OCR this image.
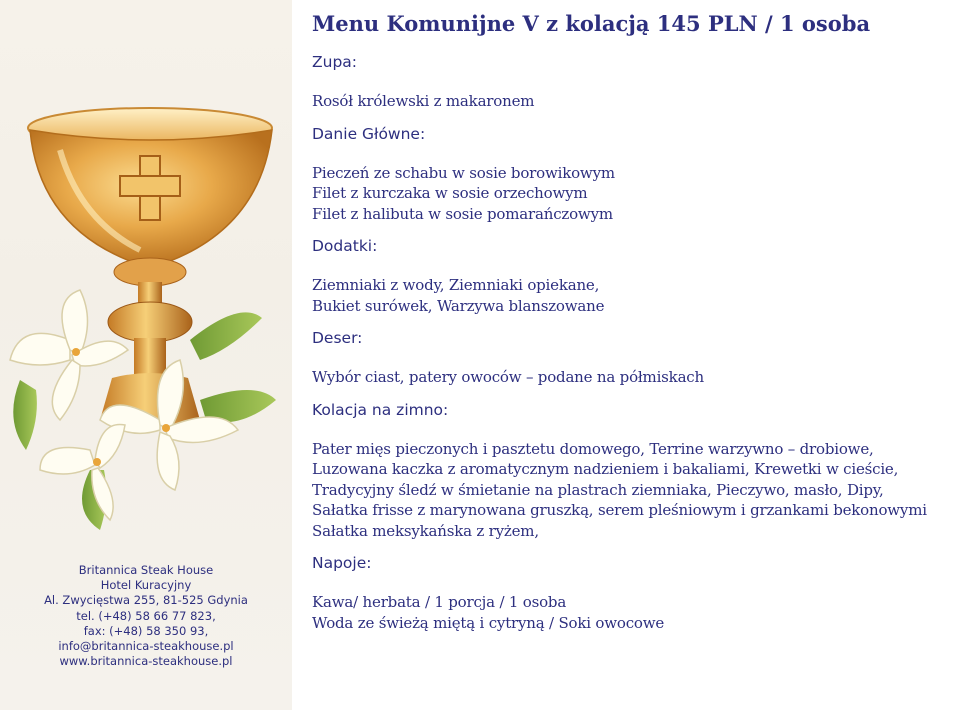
Britannica Steak House
Hotel Kuracyjny
Al. Zwycięstwa 255, 81-525 Gdynia
tel. (+48) 58 66 77 823,
fax: (+48) 58 350 93,
info@britannica-steakhouse.pl
www.britannica-steakhouse.pl
Menu Komunijne V z kolacją 145 PLN / 1 osoba
Zupa:
Rosół królewski z makaronem
Danie Główne:
Pieczeń ze schabu w sosie borowikowym
Filet z kurczaka w sosie orzechowym
Filet z halibuta w sosie pomarańczowym
Dodatki:
Ziemniaki z wody, Ziemniaki opiekane,
Bukiet surówek, Warzywa blanszowane
Deser:
Wybór ciast, patery owoców – podane na półmiskach
Kolacja na zimno:
Pater mięs pieczonych i pasztetu domowego, Terrine warzywno – drobiowe,
Luzowana kaczka z aromatycznym nadzieniem i bakaliami, Krewetki w cieście,
Tradycyjny śledź w śmietanie na plastrach ziemniaka, Pieczywo, masło, Dipy,
Sałatka frisse z marynowana gruszką, serem pleśniowym i grzankami bekonowymi
Sałatka meksykańska z ryżem,
Napoje:
Kawa/ herbata / 1 porcja / 1 osoba
Woda ze świeżą miętą i cytryną / Soki owocowe
